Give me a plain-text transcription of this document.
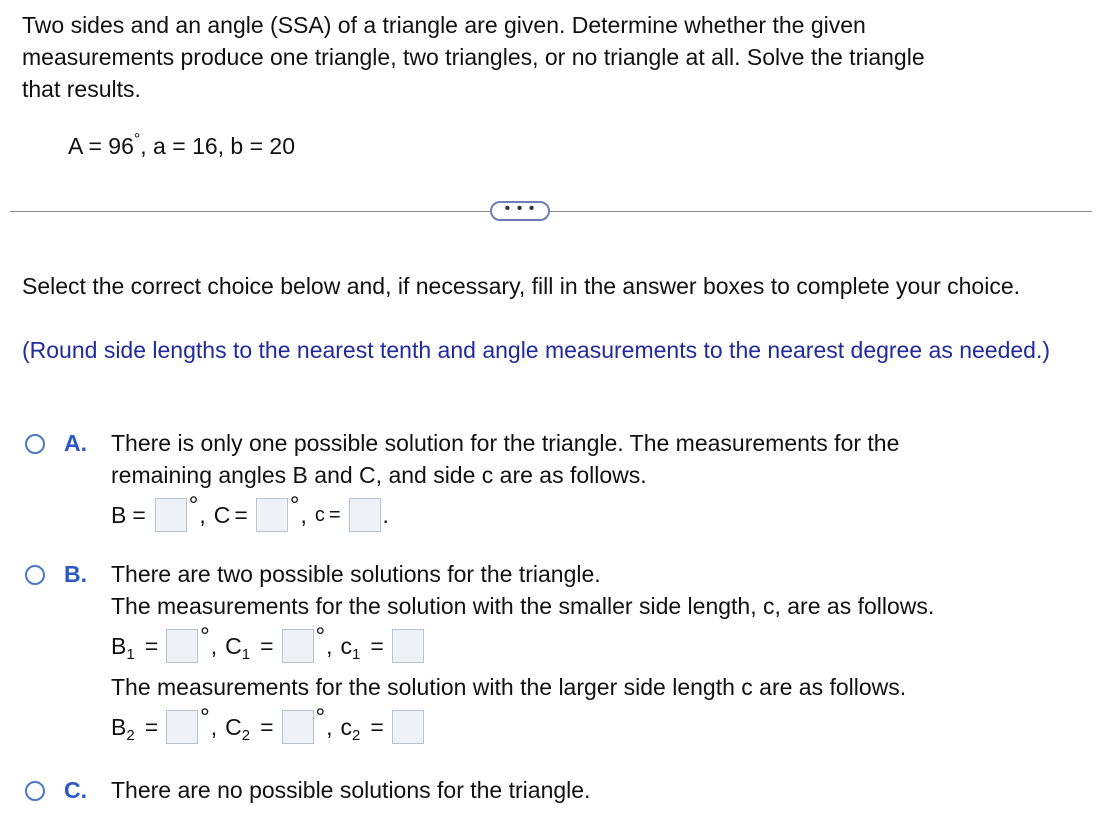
Two sides and an angle (SSA) of a triangle are given. Determine whether the given
measurements produce one triangle, two triangles, or no triangle at all. Solve the triangle
that results.
A = 96°, a = 16, b = 20
• • •
Select the correct choice below and, if necessary, fill in the answer boxes to complete your choice.
(Round side lengths to the nearest tenth and angle measurements to the nearest degree as needed.)
A. There is only one possible solution for the triangle. The measurements for the
remaining angles B and C, and side c are as follows.
B = ° , C = ° , c = .
B. There are two possible solutions for the triangle.
The measurements for the solution with the smaller side length, c, are as follows.
B 1 = ° , C 1 = ° , c 1 =
The measurements for the solution with the larger side length c are as follows.
B 2 = ° , C 2 = ° , c 2 =
C. There are no possible solutions for the triangle.
